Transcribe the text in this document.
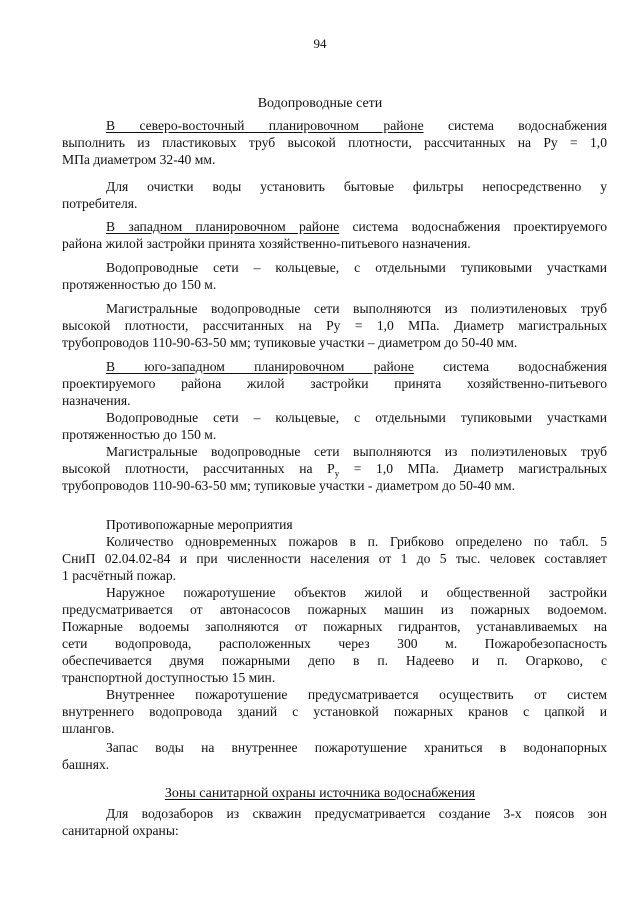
94
Водопроводные сети
В северо-восточный планировочном районе система водоснабжения
выполнить из пластиковых труб высокой плотности, рассчитанных на Ру = 1,0
МПа диаметром 32-40 мм.
Для очистки воды установить бытовые фильтры непосредственно у
потребителя.
В западном планировочном районе система водоснабжения проектируемого
района жилой застройки принята хозяйственно-питьевого назначения.
Водопроводные сети – кольцевые, с отдельными тупиковыми участками
протяженностью до 150 м.
Магистральные водопроводные сети выполняются из полиэтиленовых труб
высокой плотности, рассчитанных на Ру = 1,0 МПа. Диаметр магистральных
трубопроводов 110-90-63-50 мм; тупиковые участки – диаметром до 50-40 мм.
В юго-западном планировочном районе система водоснабжения
проектируемого района жилой застройки принята хозяйственно-питьевого
назначения.
Водопроводные сети – кольцевые, с отдельными тупиковыми участками
протяженностью до 150 м.
Магистральные водопроводные сети выполняются из полиэтиленовых труб
высокой плотности, рассчитанных на $Р_у = 1,0$ МПа. Диаметр магистральных
трубопроводов 110-90-63-50 мм; тупиковые участки - диаметром до 50-40 мм.
Противопожарные мероприятия
Количество одновременных пожаров в п. Грибково определено по табл. 5
СниП 02.04.02-84 и при численности населения от 1 до 5 тыс. человек составляет
1 расчётный пожар.
Наружное пожаротушение объектов жилой и общественной застройки
предусматривается от автонасосов пожарных машин из пожарных водоемом.
Пожарные водоемы заполняются от пожарных гидрантов, устанавливаемых на
сети водопровода, расположенных через 300 м. Пожаробезопасность
обеспечивается двумя пожарными депо в п. Надеево и п. Огарково, с
транспортной доступностью 15 мин.
Внутреннее пожаротушение предусматривается осуществить от систем
внутреннего водопровода зданий с установкой пожарных кранов с цапкой и
шлангов.
Запас воды на внутреннее пожаротушение храниться в водонапорных
башнях.
Зоны санитарной охраны источника водоснабжения
Для водозаборов из скважин предусматривается создание 3-х поясов зон
санитарной охраны:
